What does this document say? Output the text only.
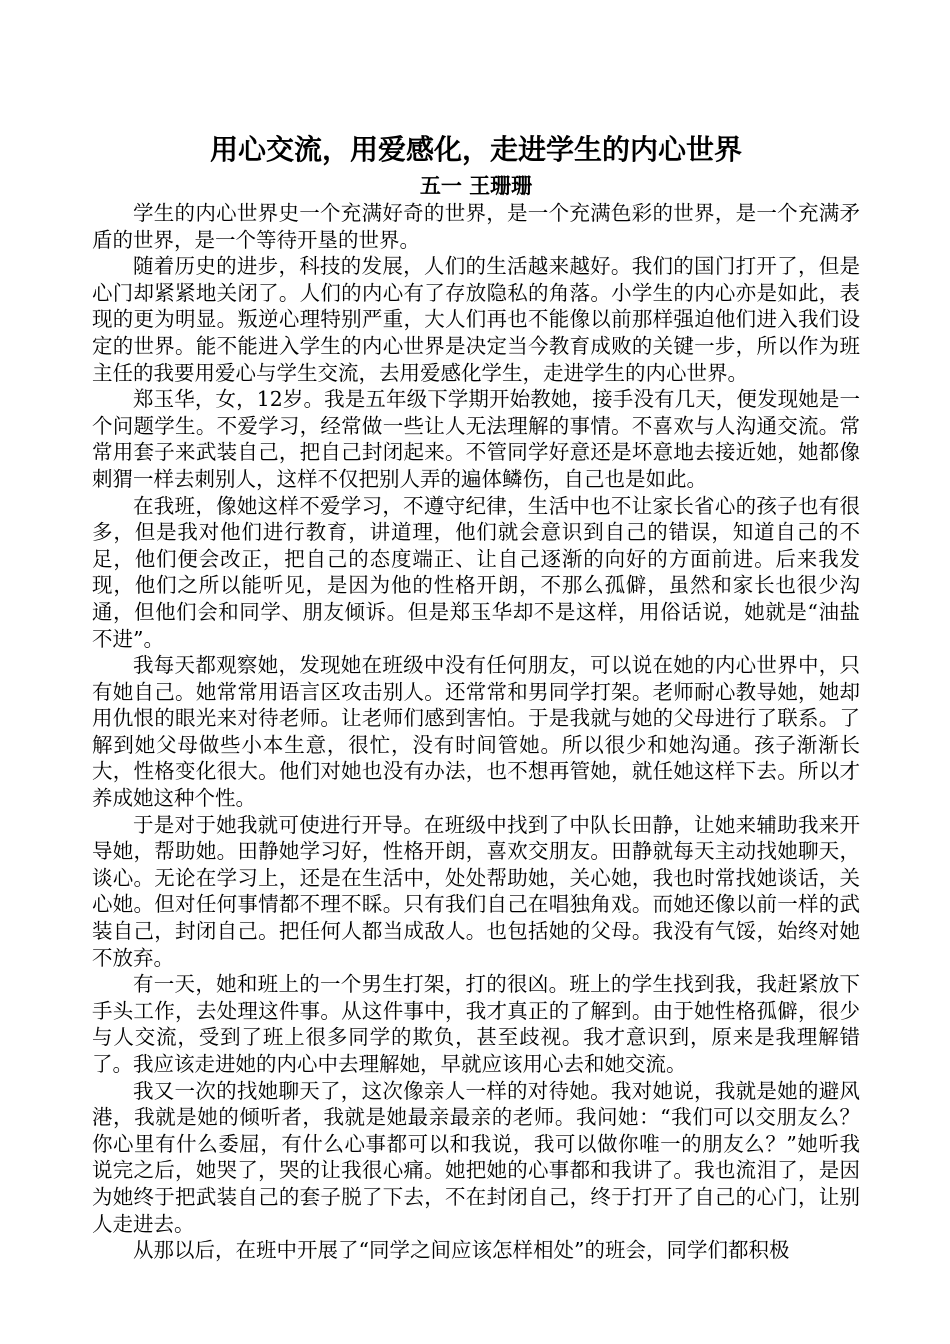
用心交流，用爱感化，走进学生的内心世界
五一 王珊珊

学生的内心世界史一个充满好奇的世界，是一个充满色彩的世界，是一个充满矛盾的世界，是一个等待开垦的世界。

随着历史的进步，科技的发展，人们的生活越来越好。我们的国门打开了，但是心门却紧紧地关闭了。人们的内心有了存放隐私的角落。小学生的内心亦是如此，表现的更为明显。叛逆心理特别严重，大人们再也不能像以前那样强迫他们进入我们设定的世界。能不能进入学生的内心世界是决定当今教育成败的关键一步，所以作为班主任的我要用爱心与学生交流，去用爱感化学生，走进学生的内心世界。

郑玉华，女，12岁。我是五年级下学期开始教她，接手没有几天，便发现她是一个问题学生。不爱学习，经常做一些让人无法理解的事情。不喜欢与人沟通交流。常常用套子来武装自己，把自己封闭起来。不管同学好意还是坏意地去接近她，她都像刺猬一样去刺别人，这样不仅把别人弄的遍体鳞伤，自己也是如此。

在我班，像她这样不爱学习，不遵守纪律，生活中也不让家长省心的孩子也有很多，但是我对他们进行教育，讲道理，他们就会意识到自己的错误，知道自己的不足，他们便会改正，把自己的态度端正、让自己逐渐的向好的方面前进。后来我发现，他们之所以能听见，是因为他的性格开朗，不那么孤僻，虽然和家长也很少沟通，但他们会和同学、朋友倾诉。但是郑玉华却不是这样，用俗话说，她就是“油盐不进”。

我每天都观察她，发现她在班级中没有任何朋友，可以说在她的内心世界中，只有她自己。她常常用语言区攻击别人。还常常和男同学打架。老师耐心教导她，她却用仇恨的眼光来对待老师。让老师们感到害怕。于是我就与她的父母进行了联系。了解到她父母做些小本生意，很忙，没有时间管她。所以很少和她沟通。孩子渐渐长大，性格变化很大。他们对她也没有办法，也不想再管她，就任她这样下去。所以才养成她这种个性。

于是对于她我就可使进行开导。在班级中找到了中队长田静，让她来辅助我来开导她，帮助她。田静她学习好，性格开朗，喜欢交朋友。田静就每天主动找她聊天，谈心。无论在学习上，还是在生活中，处处帮助她，关心她，我也时常找她谈话，关心她。但对任何事情都不理不睬。只有我们自己在唱独角戏。而她还像以前一样的武装自己，封闭自己。把任何人都当成敌人。也包括她的父母。我没有气馁，始终对她不放弃。

有一天，她和班上的一个男生打架，打的很凶。班上的学生找到我，我赶紧放下手头工作，去处理这件事。从这件事中，我才真正的了解到。由于她性格孤僻，很少与人交流，受到了班上很多同学的欺负，甚至歧视。我才意识到，原来是我理解错了。我应该走进她的内心中去理解她，早就应该用心去和她交流。

我又一次的找她聊天了，这次像亲人一样的对待她。我对她说，我就是她的避风港，我就是她的倾听者，我就是她最亲最亲的老师。我问她：“我们可以交朋友么？你心里有什么委屈，有什么心事都可以和我说，我可以做你唯一的朋友么？”她听我说完之后，她哭了，哭的让我很心痛。她把她的心事都和我讲了。我也流泪了，是因为她终于把武装自己的套子脱了下去，不在封闭自己，终于打开了自己的心门，让别人走进去。

从那以后，在班中开展了“同学之间应该怎样相处”的班会，同学们都积极
